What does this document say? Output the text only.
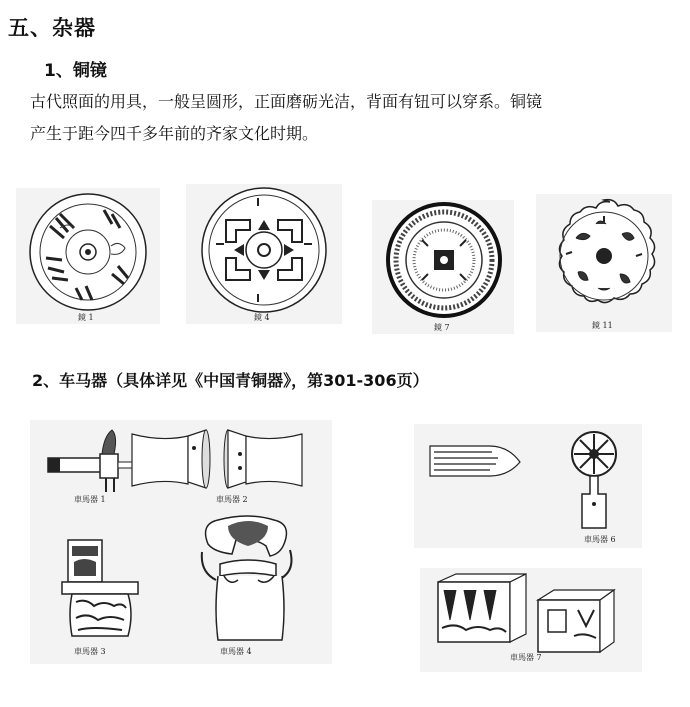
五、杂器
1、铜镜
古代照面的用具，一般呈圆形，正面磨砺光洁，背面有钮可以穿系。铜镜
产生于距今四千多年前的齐家文化时期。
鏡 1	鏡 4
鏡 7	鏡 11
2、车马器（具体详见《中国青铜器》，第301-306页）
車馬器 1	車馬器 2
車馬器 3	車馬器 4
車馬器 6
車馬器 7
